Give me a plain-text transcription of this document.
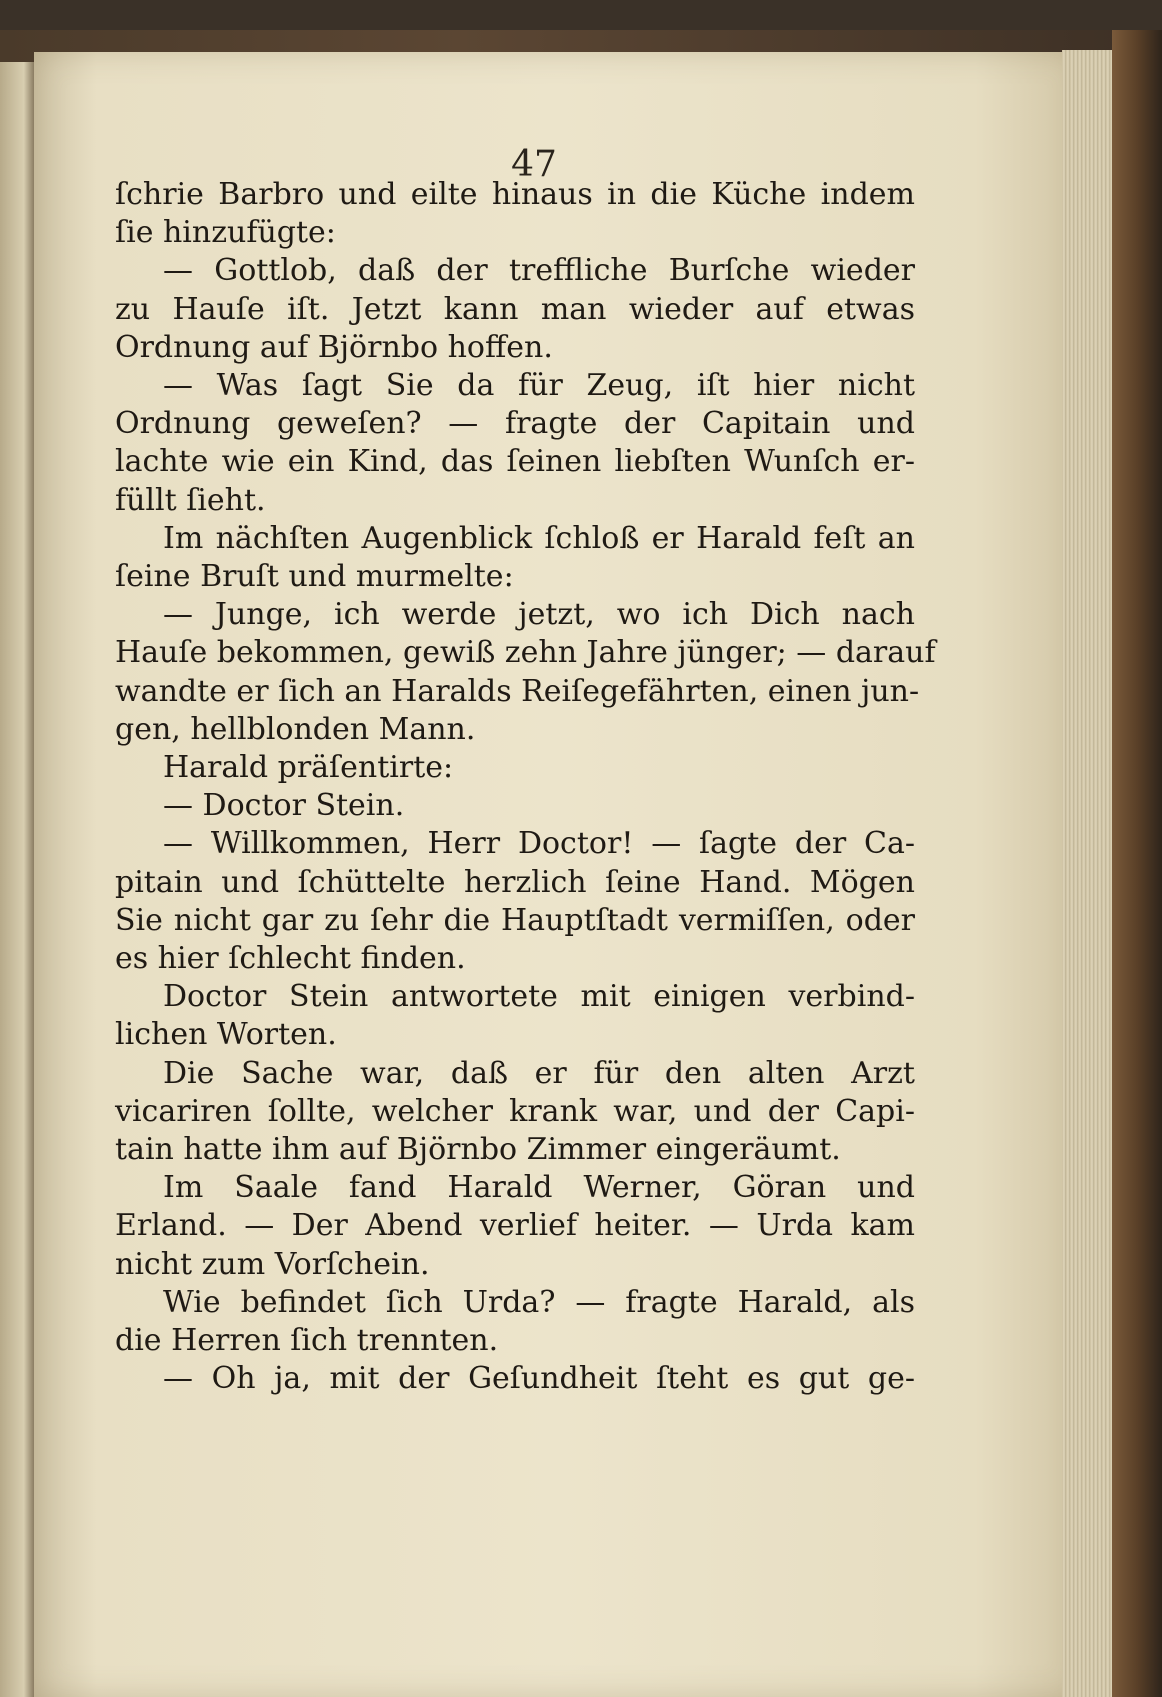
47
ſchrie Barbro und eilte hinaus in die Küche indem
ſie hinzufügte:
— Gottlob, daß der treffliche Burſche wieder
zu Hauſe iſt. Jetzt kann man wieder auf etwas
Ordnung auf Björnbo hoffen.
— Was ſagt Sie da für Zeug, iſt hier nicht
Ordnung geweſen? — fragte der Capitain und
lachte wie ein Kind, das ſeinen liebſten Wunſch er-
füllt ſieht.
Im nächſten Augenblick ſchloß er Harald feſt an
ſeine Bruſt und murmelte:
— Junge, ich werde jetzt, wo ich Dich nach
Hauſe bekommen, gewiß zehn Jahre jünger; — darauf
wandte er ſich an Haralds Reiſegefährten, einen jun-
gen, hellblonden Mann.
Harald präſentirte:
— Doctor Stein.
— Willkommen, Herr Doctor! — ſagte der Ca-
pitain und ſchüttelte herzlich ſeine Hand. Mögen
Sie nicht gar zu ſehr die Hauptſtadt vermiſſen, oder
es hier ſchlecht finden.
Doctor Stein antwortete mit einigen verbind-
lichen Worten.
Die Sache war, daß er für den alten Arzt
vicariren ſollte, welcher krank war, und der Capi-
tain hatte ihm auf Björnbo Zimmer eingeräumt.
Im Saale fand Harald Werner, Göran und
Erland. — Der Abend verlief heiter. — Urda kam
nicht zum Vorſchein.
Wie befindet ſich Urda? — fragte Harald, als
die Herren ſich trennten.
— Oh ja, mit der Geſundheit ſteht es gut ge-
